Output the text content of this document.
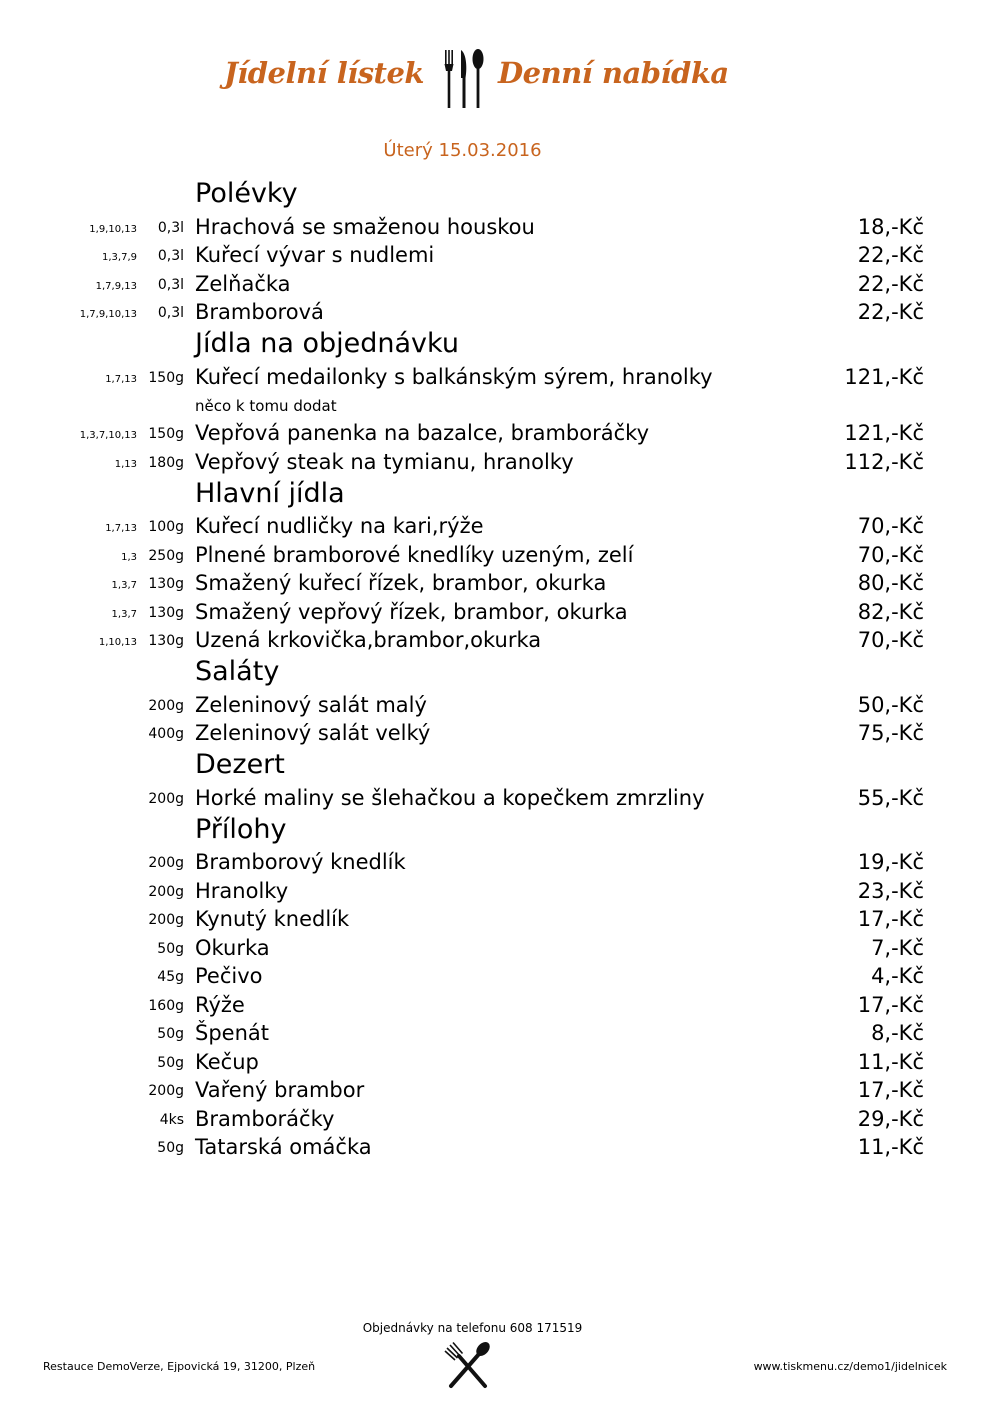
Jídelní lístek	Denní nabídka
Úterý 15.03.2016
Polévky
1,9,10,13 0,3l Hrachová se smaženou houskou	18,-Kč
1,3,7,9 0,3l Kuřecí vývar s nudlemi	22,-Kč
1,7,9,13 0,3l Zelňačka	22,-Kč
1,7,9,10,13 0,3l Bramborová	22,-Kč
Jídla na objednávku
1,7,13 150g Kuřecí medailonky s balkánským sýrem, hranolky	121,-Kč
něco k tomu dodat
1,3,7,10,13 150g Vepřová panenka na bazalce, bramboráčky	121,-Kč
1,13 180g Vepřový steak na tymianu, hranolky	112,-Kč
Hlavní jídla
1,7,13 100g Kuřecí nudličky na kari,rýže	70,-Kč
1,3 250g Plnené bramborové knedlíky uzeným, zelí	70,-Kč
1,3,7 130g Smažený kuřecí řízek, brambor, okurka	80,-Kč
1,3,7 130g Smažený vepřový řízek, brambor, okurka	82,-Kč
1,10,13 130g Uzená krkovička,brambor,okurka	70,-Kč
Saláty
200g Zeleninový salát malý	50,-Kč
400g Zeleninový salát velký	75,-Kč
Dezert
200g Horké maliny se šlehačkou a kopečkem zmrzliny	55,-Kč
Přílohy
200g Bramborový knedlík	19,-Kč
200g Hranolky	23,-Kč
200g Kynutý knedlík	17,-Kč
50g Okurka	7,-Kč
45g Pečivo	4,-Kč
160g Rýže	17,-Kč
50g Špenát	8,-Kč
50g Kečup	11,-Kč
200g Vařený brambor	17,-Kč
4ks Bramboráčky	29,-Kč
50g Tatarská omáčka	11,-Kč
Objednávky na telefonu 608 171519
Restauce DemoVerze, Ejpovická 19, 31200, Plzeň	www.tiskmenu.cz/demo1/jidelnicek
